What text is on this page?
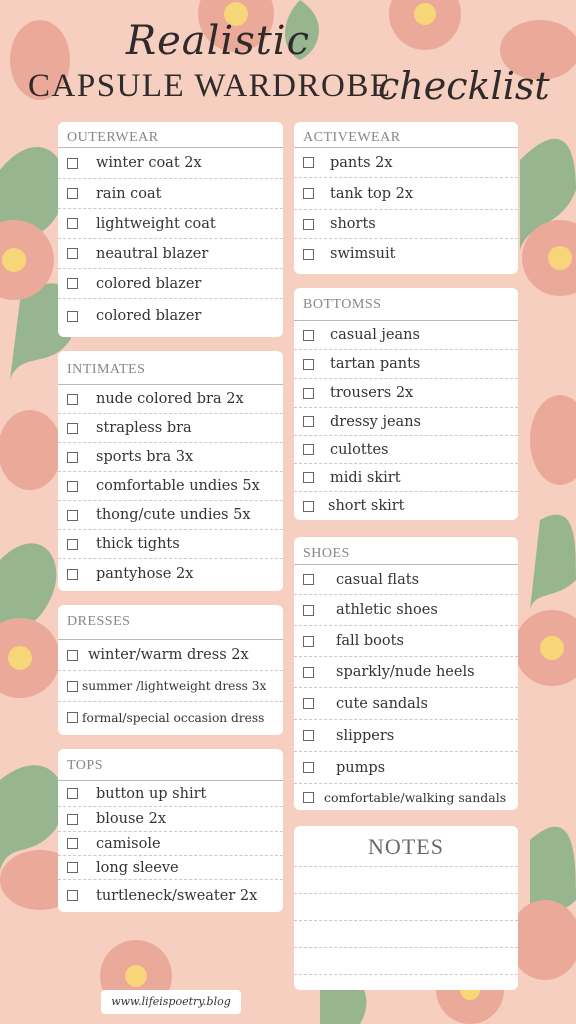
Realistic
CAPSULE WARDROBE
checklist
OUTERWEAR
winter coat 2x
rain coat
lightweight coat
neautral blazer
colored blazer
colored blazer
INTIMATES
nude colored bra 2x
strapless bra
sports bra 3x
comfortable undies 5x
thong/cute undies 5x
thick tights
pantyhose 2x
DRESSES
winter/warm dress 2x
summer /lightweight dress 3x
formal/special occasion dress
TOPS
button up shirt
blouse 2x
camisole
long sleeve
turtleneck/sweater 2x
ACTIVEWEAR
pants 2x
tank top 2x
shorts
swimsuit
BOTTOMSS
casual jeans
tartan pants
trousers 2x
dressy jeans
culottes
midi skirt
short skirt
SHOES
casual flats
athletic shoes
fall boots
sparkly/nude heels
cute sandals
slippers
pumps
comfortable/walking sandals
NOTES
www.lifeispoetry.blog
